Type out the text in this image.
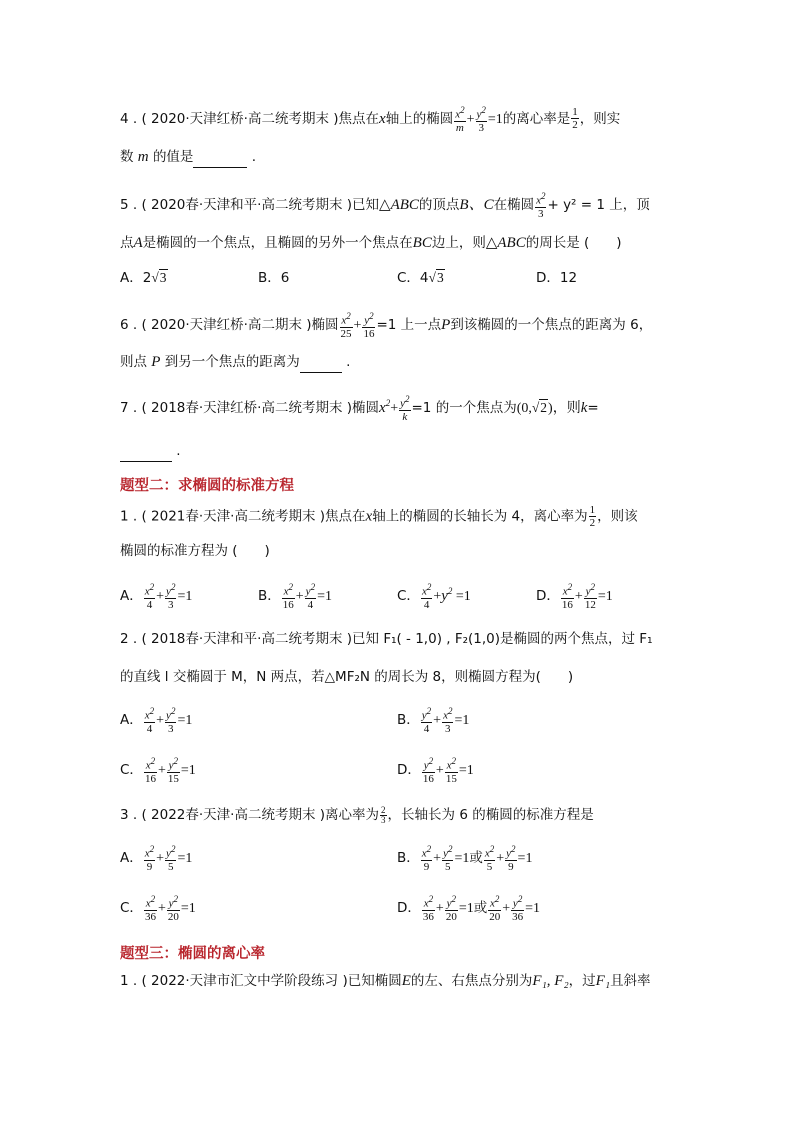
4 . ( 2020·天津红桥·高二统考期末 )焦点在x轴上的椭圆 $\frac{x^2}{m} + \frac{y^2}{3} =1$的离心率是 $\frac{1}{2}$ ，则实
数 m 的值是	.
5 . ( 2020春·天津和平·高二统考期末 )已知△ABC的顶点B、C在椭圆 $\frac{x^2}{3} + y^2 = 1$ 上，顶
点A是椭圆的一个焦点，且椭圆的另外一个焦点在BC边上，则△ABC的周长是 (　　)
A．2√3	B．6	C．4√3	D．12
6 . ( 2020·天津红桥·高二期末 )椭圆 $\frac{x^2}{25} + \frac{y^2}{16} =1$ 上一点P到该椭圆的一个焦点的距离为 6，
则点 P 到另一个焦点的距离为	.
7 . ( 2018春·天津红桥·高二统考期末 )椭圆$x^2+ \frac{y^2}{k} =1$ 的一个焦点为(0,√2)，则k=
.
题型二：求椭圆的标准方程
1 . ( 2021春·天津·高二统考期末 )焦点在x轴上的椭圆的长轴长为 4，离心率为 $\frac{1}{2}$ ，则该
椭圆的标准方程为 (　　)
A． $\frac{x^2}{4} + \frac{y^2}{3} =1$	B． $\frac{x^2}{16} + \frac{y^2}{4} =1$	C． $\frac{x^2}{4} +y^2 =1$	D． $\frac{x^2}{16} + \frac{y^2}{12} =1$
2 . ( 2018春·天津和平·高二统考期末 )已知 F₁( - 1,0) , F₂(1,0)是椭圆的两个焦点，过 F₁
的直线 l 交椭圆于 M，N 两点，若△MF₂N 的周长为 8，则椭圆方程为(　　)
A． $\frac{x^2}{4} + \frac{y^2}{3} =1$	B． $\frac{y^2}{4} + \frac{x^2}{3} =1$
C． $\frac{x^2}{16} + \frac{y^2}{15} =1$	D． $\frac{y^2}{16} + \frac{x^2}{15} =1$
3 . ( 2022春·天津·高二统考期末 )离心率为 $\frac{2}{3}$ ，长轴长为 6 的椭圆的标准方程是
A． $\frac{x^2}{9} + \frac{y^2}{5} =1$	B． $\frac{x^2}{9} + \frac{y^2}{5} =1$或 $\frac{x^2}{5} + \frac{y^2}{9} =1$
C． $\frac{x^2}{36} + \frac{y^2}{20} =1$	D． $\frac{x^2}{36} + \frac{y^2}{20} =1$或 $\frac{x^2}{20} + \frac{y^2}{36} =1$
题型三：椭圆的离心率
1 . ( 2022·天津市汇文中学阶段练习 )已知椭圆E的左、右焦点分别为F₁, F₂，过F₁且斜率
